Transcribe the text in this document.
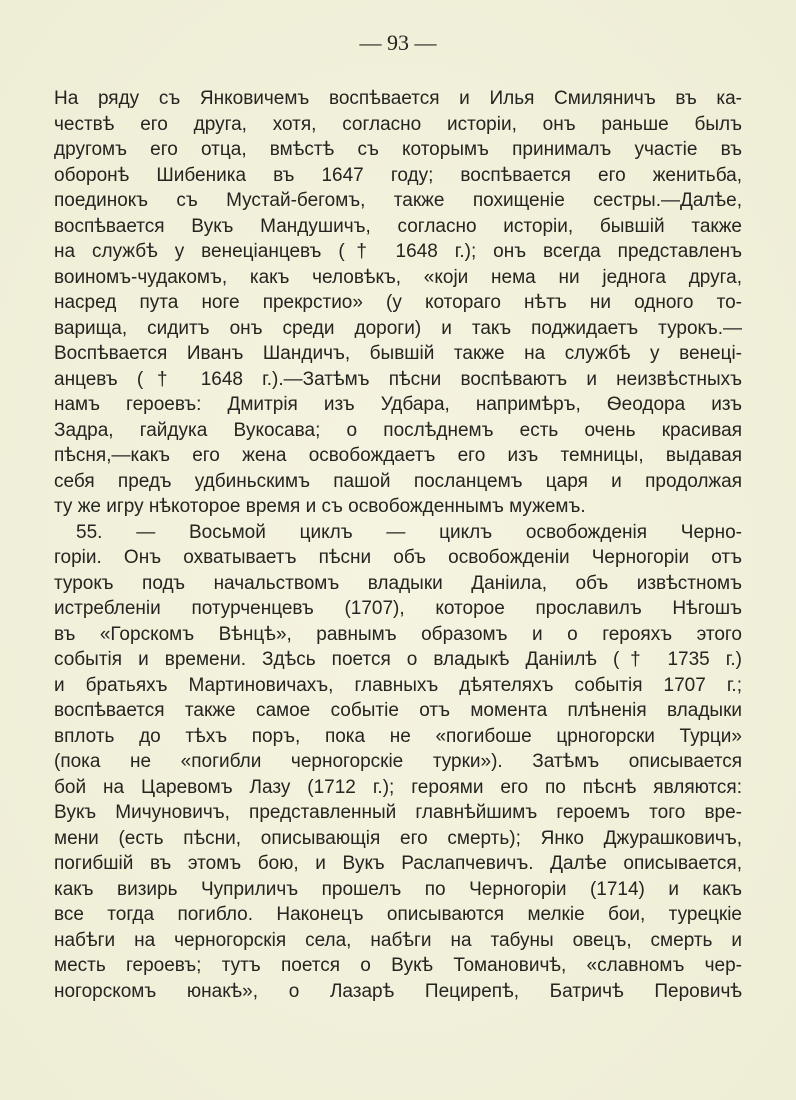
— 93 —
На ряду съ Янковичемъ воспѣвается и Илья Смиляничъ въ ка-
чествѣ его друга, хотя, согласно исторіи, онъ раньше былъ
другомъ его отца, вмѣстѣ съ которымъ принималъ участіе въ
оборонѣ Шибеника въ 1647 году; воспѣвается его женитьба,
поединокъ съ Мустай-бегомъ, также похищеніе сестры.—Далѣе,
воспѣвается Вукъ Мандушичъ, согласно исторіи, бывшій также
на службѣ у венеціанцевъ († 1648 г.); онъ всегда представленъ
воиномъ-чудакомъ, какъ человѣкъ, «који нема ни једнога друга,
насред пута ноге прекрстио» (у котораго нѣтъ ни одного то-
варища, сидитъ онъ среди дороги) и такъ поджидаетъ турокъ.—
Воспѣвается Иванъ Шандичъ, бывшій также на службѣ у венеці-
анцевъ († 1648 г.).—Затѣмъ пѣсни воспѣваютъ и неизвѣстныхъ
намъ героевъ: Дмитрія изъ Удбара, напримѣръ, Ѳеодора изъ
Задра, гайдука Вукосава; о послѣднемъ есть очень красивая
пѣсня,—какъ его жена освобождаетъ его изъ темницы, выдавая
себя предъ удбиньскимъ пашой посланцемъ царя и продолжая
ту же игру нѣкоторое время и съ освобожденнымъ мужемъ.
55. — Восьмой циклъ — циклъ освобожденія Черно-
горіи. Онъ охватываетъ пѣсни объ освобожденіи Черногоріи отъ
турокъ подъ начальствомъ владыки Даніила, объ извѣстномъ
истребленіи потурченцевъ (1707), которое прославилъ Нѣгошъ
въ «Горскомъ Вѣнцѣ», равнымъ образомъ и о герояхъ этого
событія и времени. Здѣсь поется о владыкѣ Даніилѣ († 1735 г.)
и братьяхъ Мартиновичахъ, главныхъ дѣятеляхъ событія 1707 г.;
воспѣвается также самое событіе отъ момента плѣненія владыки
вплоть до тѣхъ поръ, пока не «погибоше црногорски Турци»
(пока не «погибли черногорскіе турки»). Затѣмъ описывается
бой на Царевомъ Лазу (1712 г.); героями его по пѣснѣ являются:
Вукъ Мичуновичъ, представленный главнѣйшимъ героемъ того вре-
мени (есть пѣсни, описывающія его смерть); Янко Джурашковичъ,
погибшій въ этомъ бою, и Вукъ Раслапчевичъ. Далѣе описывается,
какъ визирь Чуприличъ прошелъ по Черногоріи (1714) и какъ
все тогда погибло. Наконецъ описываются мелкіе бои, турецкіе
набѣги на черногорскія села, набѣги на табуны овецъ, смерть и
месть героевъ; тутъ поется о Вукѣ Томановичѣ, «славномъ чер-
ногорскомъ юнакѣ», о Лазарѣ Пецирепѣ, Батричѣ Перовичѣ
